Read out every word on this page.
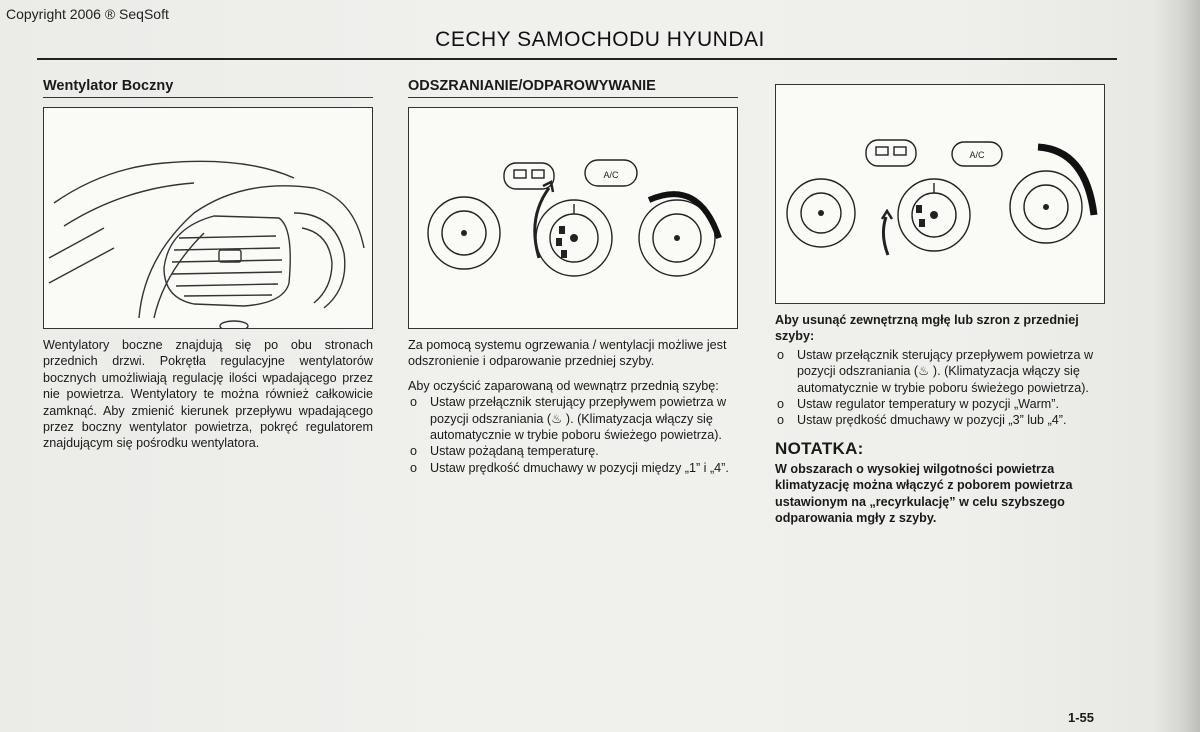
Copyright 2006 ® SeqSoft
CECHY SAMOCHODU HYUNDAI
Wentylator Boczny

Wentylatory boczne znajdują się po obu stronach przednich drzwi. Pokrętła regulacyjne wentylatorów bocznych umożliwiają regulację ilości wpadającego przez nie powietrza. Wentylatory te można również całkowicie zamknąć. Aby zmienić kierunek przepływu wpadającego przez boczny wentylator powietrza, pokręć regulatorem znajdującym się pośrodku wentylatora.

ODSZRANIANIE/ODPAROWYWANIE
A/C

Za pomocą systemu ogrzewania / wentylacji możliwe jest odszronienie i odparowanie przedniej szyby.

Aby oczyścić zaparowaną od wewnątrz przednią szybę:

o Ustaw przełącznik sterujący przepływem powietrza w pozycji odszraniania (♨ ). (Klimatyzacja włączy się automatycznie w trybie poboru świeżego powietrza).
o Ustaw pożądaną temperaturę.
o Ustaw prędkość dmuchawy w pozycji między „1” i „4”.
A/C

Aby usunąć zewnętrzną mgłę lub szron z przedniej szyby:

o Ustaw przełącznik sterujący przepływem powietrza w pozycji odszraniania (♨ ). (Klimatyzacja włączy się automatycznie w trybie poboru świeżego powietrza).
o Ustaw regulator temperatury w pozycji „Warm”.
o Ustaw prędkość dmuchawy w pozycji „3” lub „4”.
NOTATKA:
W obszarach o wysokiej wilgotności powietrza klimatyzację można włączyć z poborem powietrza ustawionym na „recyrkulację” w celu szybszego odparowania mgły z szyby.
1-55
